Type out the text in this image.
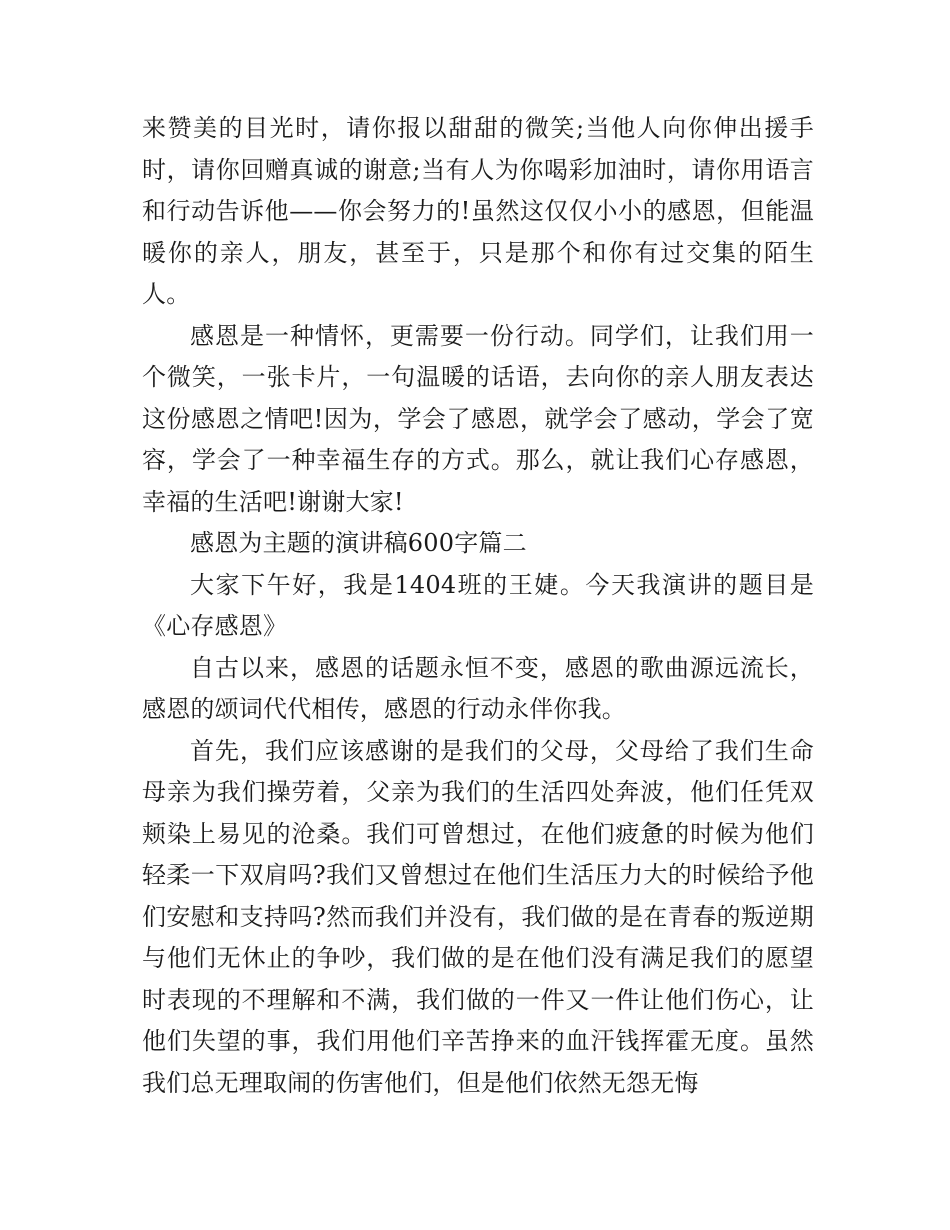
来赞美的目光时，请你报以甜甜的微笑;当他人向你伸出援手时，请你回赠真诚的谢意;当有人为你喝彩加油时，请你用语言和行动告诉他——你会努力的!虽然这仅仅小小的感恩，但能温暖你的亲人，朋友，甚至于，只是那个和你有过交集的陌生人。

感恩是一种情怀，更需要一份行动。同学们，让我们用一个微笑，一张卡片，一句温暖的话语，去向你的亲人朋友表达这份感恩之情吧!因为，学会了感恩，就学会了感动，学会了宽容，学会了一种幸福生存的方式。那么，就让我们心存感恩，幸福的生活吧!谢谢大家!

感恩为主题的演讲稿600字篇二

大家下午好，我是1404班的王婕。今天我演讲的题目是《心存感恩》

自古以来，感恩的话题永恒不变，感恩的歌曲源远流长，感恩的颂词代代相传，感恩的行动永伴你我。

首先，我们应该感谢的是我们的父母，父母给了我们生命母亲为我们操劳着，父亲为我们的生活四处奔波，他们任凭双颊染上易见的沧桑。我们可曾想过，在他们疲惫的时候为他们轻柔一下双肩吗?我们又曾想过在他们生活压力大的时候给予他们安慰和支持吗?然而我们并没有，我们做的是在青春的叛逆期与他们无休止的争吵，我们做的是在他们没有满足我们的愿望时表现的不理解和不满，我们做的一件又一件让他们伤心，让他们失望的事，我们用他们辛苦挣来的血汗钱挥霍无度。虽然我们总无理取闹的伤害他们，但是他们依然无怨无悔
